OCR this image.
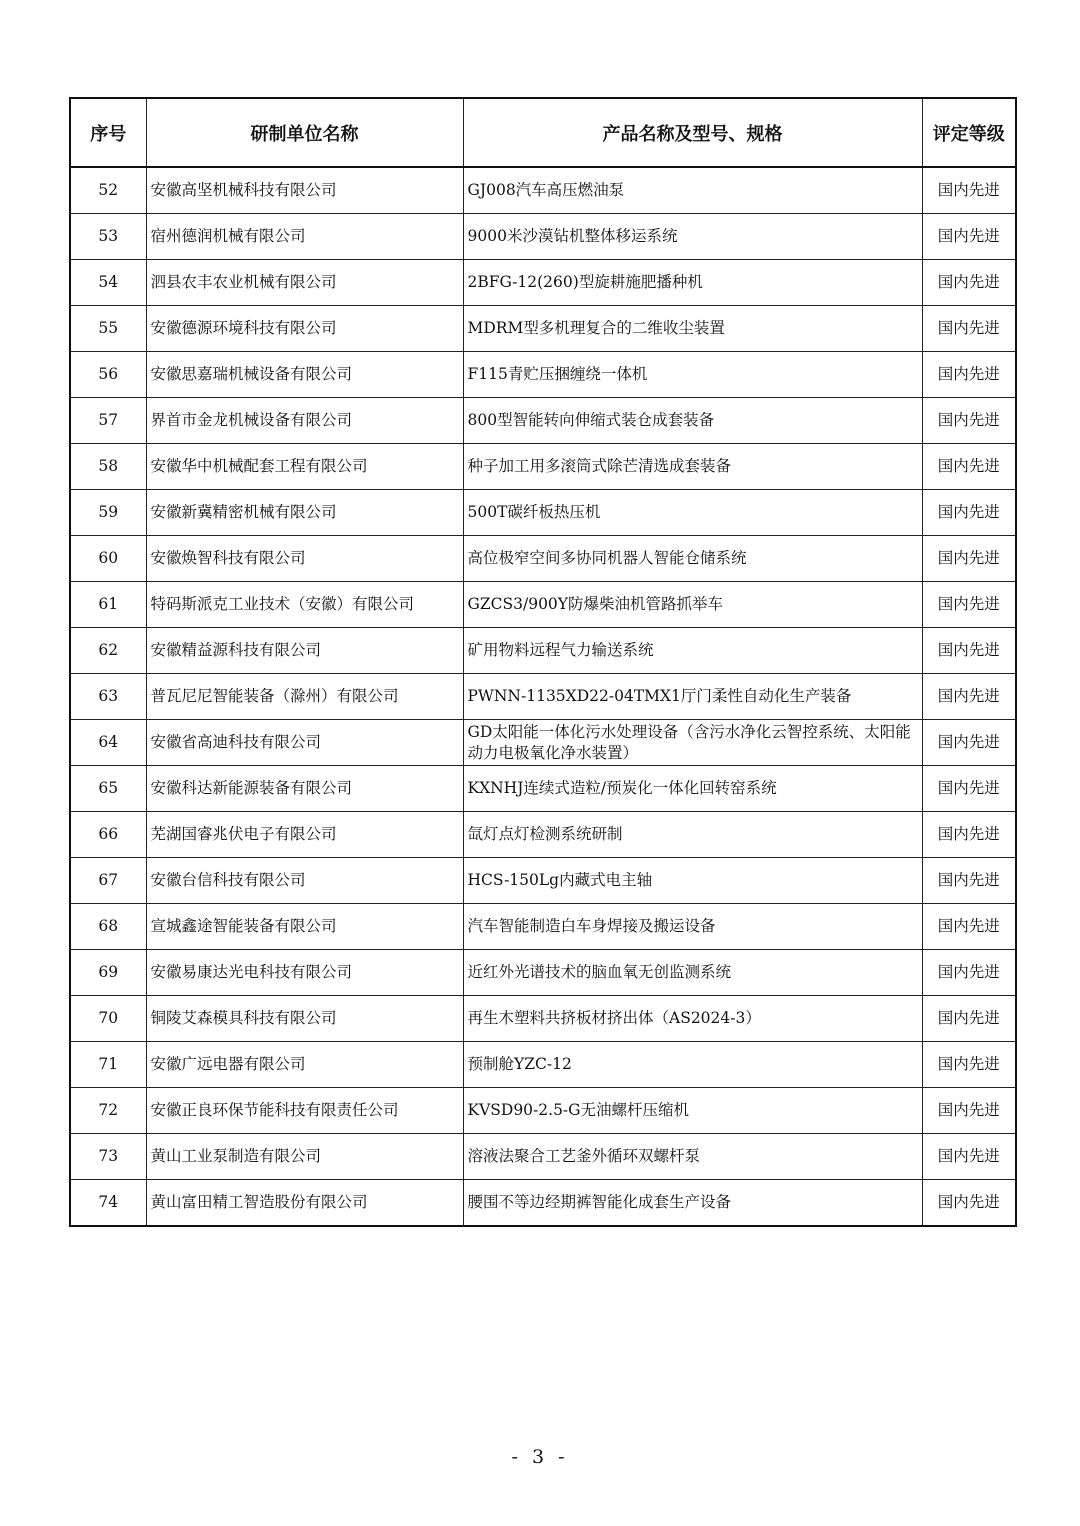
序号	研制单位名称	产品名称及型号、规格	评定等级
52	安徽高坚机械科技有限公司	GJ008汽车高压燃油泵	国内先进
53	宿州德润机械有限公司	9000米沙漠钻机整体移运系统	国内先进
54	泗县农丰农业机械有限公司	2BFG-12(260)型旋耕施肥播种机	国内先进
55	安徽德源环境科技有限公司	MDRM型多机理复合的二维收尘装置	国内先进
56	安徽思嘉瑞机械设备有限公司	F115青贮压捆缠绕一体机	国内先进
57	界首市金龙机械设备有限公司	800型智能转向伸缩式装仓成套装备	国内先进
58	安徽华中机械配套工程有限公司	种子加工用多滚筒式除芒清选成套装备	国内先进
59	安徽新冀精密机械有限公司	500T碳纤板热压机	国内先进
60	安徽焕智科技有限公司	高位极窄空间多协同机器人智能仓储系统	国内先进
61	特码斯派克工业技术（安徽）有限公司	GZCS3/900Y防爆柴油机管路抓举车	国内先进
62	安徽精益源科技有限公司	矿用物料远程气力输送系统	国内先进
63	普瓦尼尼智能装备（滁州）有限公司	PWNN-1135XD22-04TMX1厅门柔性自动化生产装备	国内先进
64	安徽省高迪科技有限公司	GD太阳能一体化污水处理设备（含污水净化云智控系统、太阳能动力电极氧化净水装置）	国内先进
65	安徽科达新能源装备有限公司	KXNHJ连续式造粒/预炭化一体化回转窑系统	国内先进
66	芜湖国睿兆伏电子有限公司	氙灯点灯检测系统研制	国内先进
67	安徽台信科技有限公司	HCS-150Lg内藏式电主轴	国内先进
68	宣城鑫途智能装备有限公司	汽车智能制造白车身焊接及搬运设备	国内先进
69	安徽易康达光电科技有限公司	近红外光谱技术的脑血氧无创监测系统	国内先进
70	铜陵艾森模具科技有限公司	再生木塑料共挤板材挤出体（AS2024-3）	国内先进
71	安徽广远电器有限公司	预制舱YZC-12	国内先进
72	安徽正良环保节能科技有限责任公司	KVSD90-2.5-G无油螺杆压缩机	国内先进
73	黄山工业泵制造有限公司	溶液法聚合工艺釜外循环双螺杆泵	国内先进
74	黄山富田精工智造股份有限公司	腰围不等边经期裤智能化成套生产设备	国内先进
- 3 -
